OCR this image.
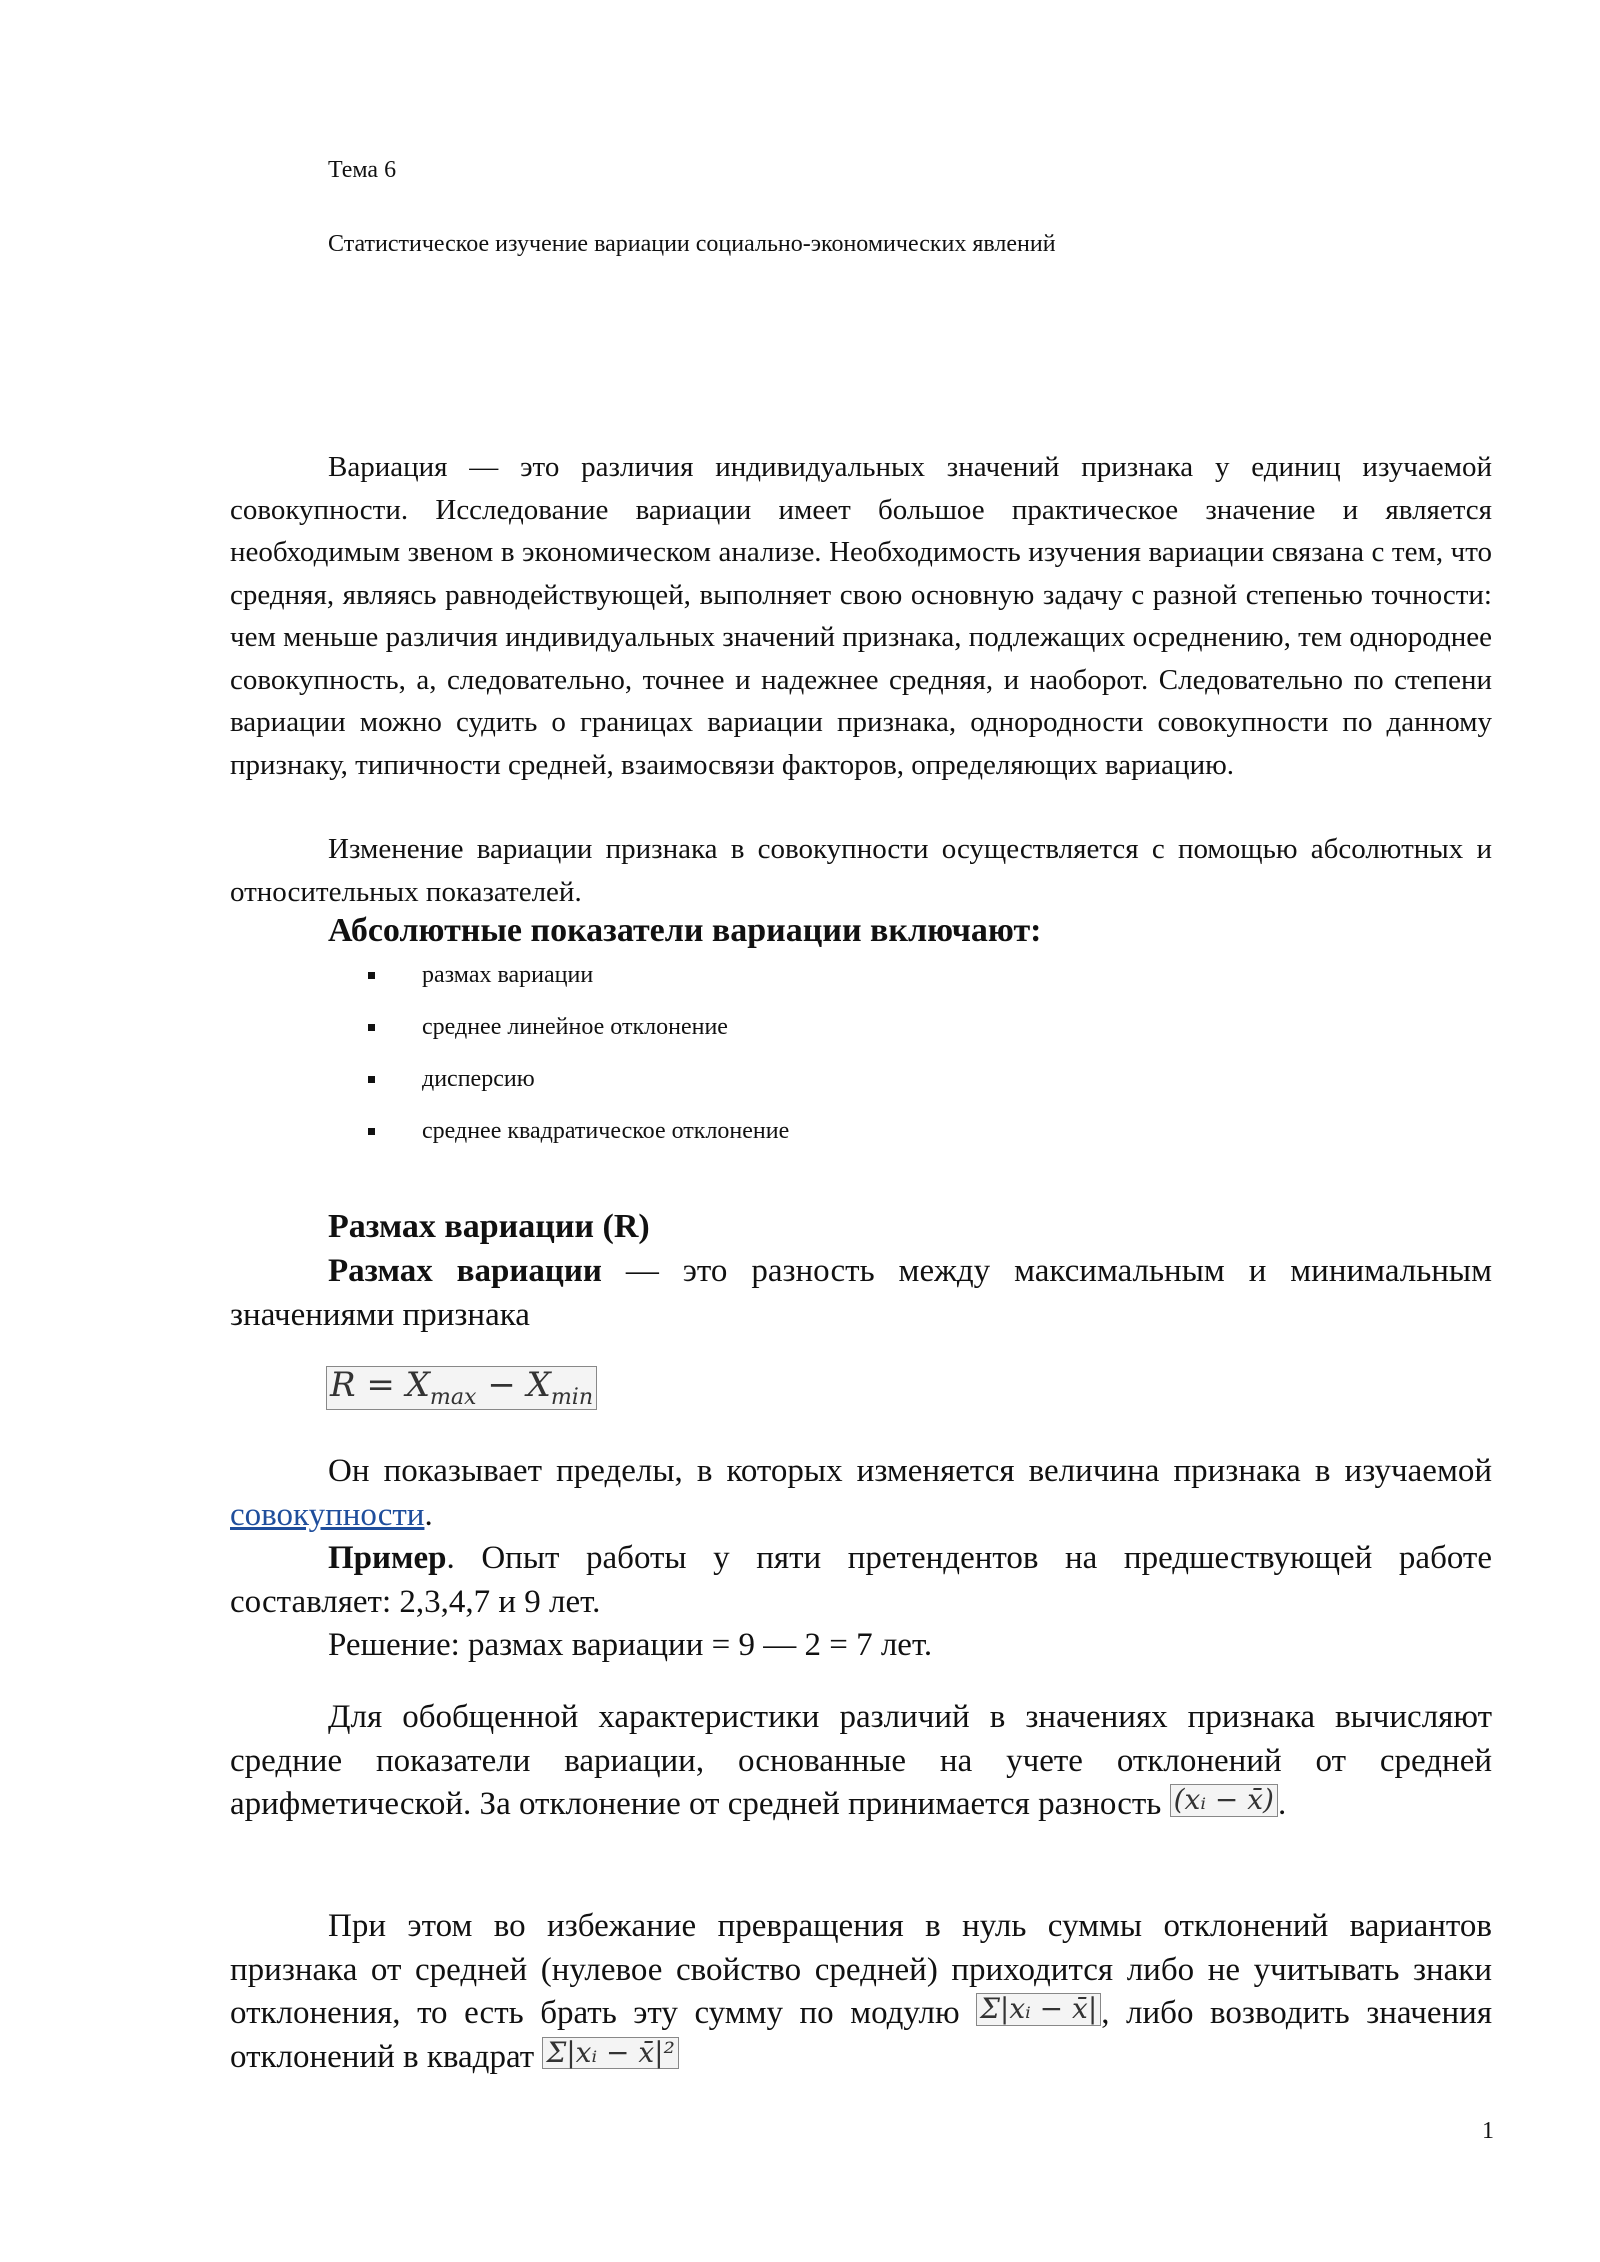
Тема 6
Статистическое изучение вариации социально-экономических явлений

Вариация — это различия индивидуальных значений признака у единиц изучаемой совокупности. Исследование вариации имеет большое практическое значение и является необходимым звеном в экономическом анализе. Необходимость изучения вариации связана с тем, что средняя, являясь равнодействующей, выполняет свою основную задачу с разной степенью точности: чем меньше различия индивидуальных значений признака, подлежащих осреднению, тем однороднее совокупность, а, следовательно, точнее и надежнее средняя, и наоборот. Следовательно по степени вариации можно судить о границах вариации признака, однородности совокупности по данному признаку, типичности средней, взаимосвязи факторов, определяющих вариацию.

Изменение вариации признака в совокупности осуществляется с помощью абсолютных и относительных показателей.

Абсолютные показатели вариации включают:
размах вариации
среднее линейное отклонение
дисперсию
среднее квадратическое отклонение
Размах вариации (R)

Размах вариации — это разность между максимальным и минимальным значениями признака

$R = X_{max} - X_{min}$

Он показывает пределы, в которых изменяется величина признака в изучаемой совокупности.

Пример. Опыт работы у пяти претендентов на предшествующей работе составляет: 2,3,4,7 и 9 лет.

Решение: размах вариации = 9 — 2 = 7 лет.

Для обобщенной характеристики различий в значениях признака вычисляют средние показатели вариации, основанные на учете отклонений от средней арифметической. За отклонение от средней принимается разность (xᵢ − x̄) .

При этом во избежание превращения в нуль суммы отклонений вариантов признака от средней (нулевое свойство средней) приходится либо не учитывать знаки отклонения, то есть брать эту сумму по модулю Σ|xᵢ − x̄| , либо возводить значения отклонений в квадрат Σ|xᵢ − x̄|²

1
